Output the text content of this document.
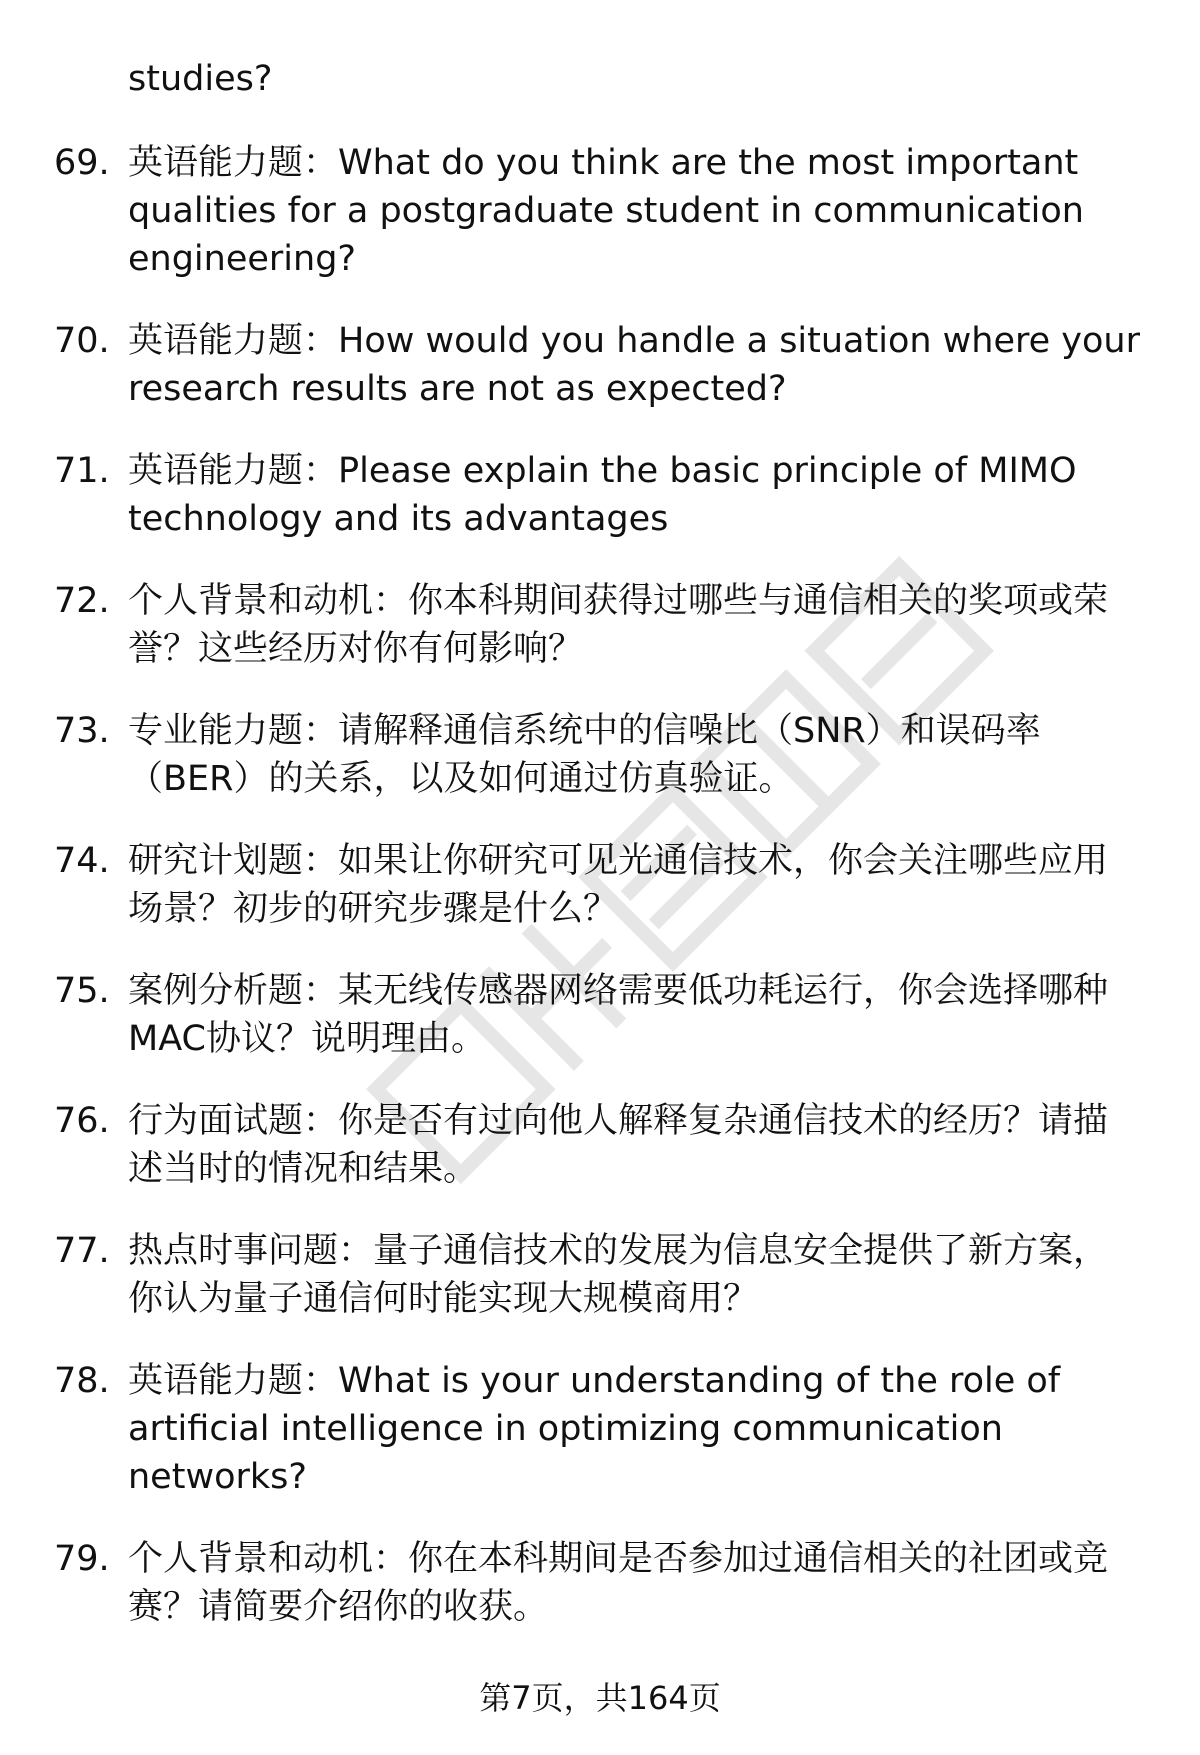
studies?

69. 英语能力题：What do you think are the most important qualities for a postgraduate student in communication engineering?
70. 英语能力题：How would you handle a situation where your research results are not as expected?
71. 英语能力题：Please explain the basic principle of MIMO technology and its advantages
72. 个人背景和动机：你本科期间获得过哪些与通信相关的奖项或荣誉？这些经历对你有何影响？
73. 专业能力题：请解释通信系统中的信噪比（SNR）和误码率（BER）的关系，以及如何通过仿真验证。
74. 研究计划题：如果让你研究可见光通信技术，你会关注哪些应用场景？初步的研究步骤是什么？
75. 案例分析题：某无线传感器网络需要低功耗运行，你会选择哪种MAC协议？说明理由。
76. 行为面试题：你是否有过向他人解释复杂通信技术的经历？请描述当时的情况和结果。
77. 热点时事问题：量子通信技术的发展为信息安全提供了新方案，你认为量子通信何时能实现大规模商用？
78. 英语能力题：What is your understanding of the role of artificial intelligence in optimizing communication networks?
79. 个人背景和动机：你在本科期间是否参加过通信相关的社团或竞赛？请简要介绍你的收获。
第7页，共164页
